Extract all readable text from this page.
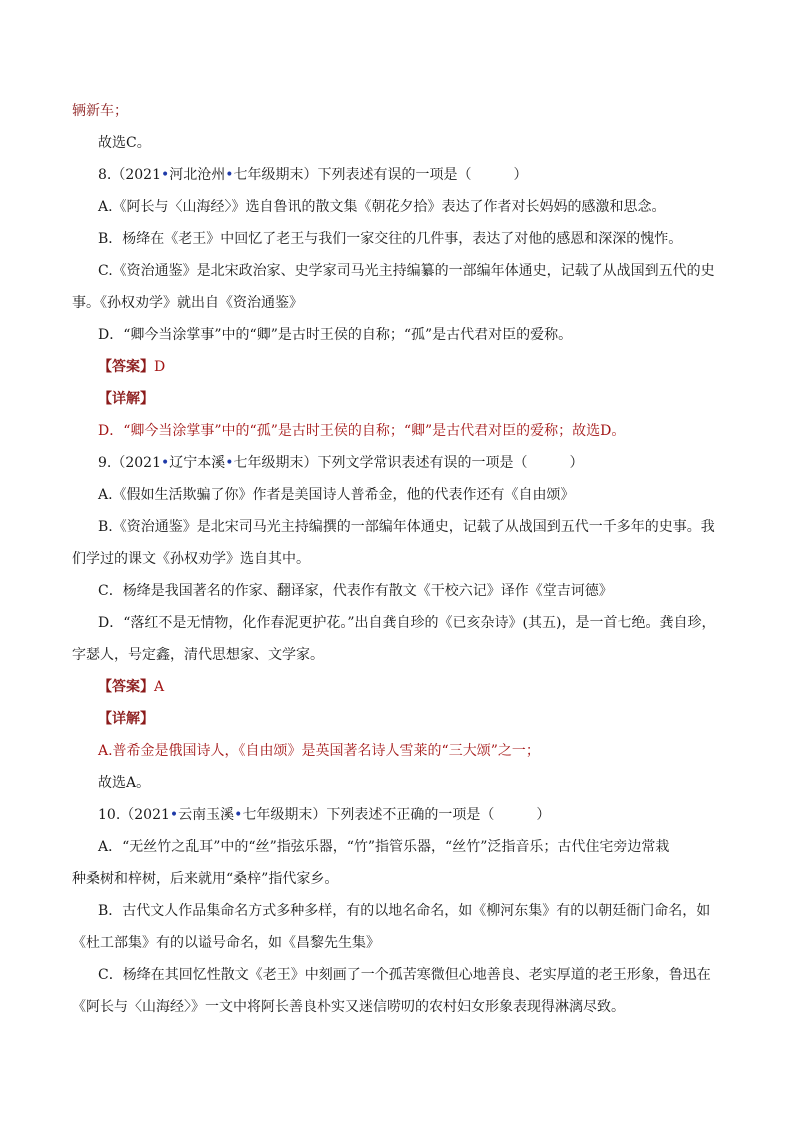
辆新车；
故选C。
8.（2021•河北沧州•七年级期末）下列表述有误的一项是（　　　）
A.《阿长与〈山海经〉》选自鲁讯的散文集《朝花夕拾》表达了作者对长妈妈的感激和思念。
B．杨绛在《老王》中回忆了老王与我们一家交往的几件事，表达了对他的感恩和深深的愧怍。
C.《资治通鉴》是北宋政治家、史学家司马光主持编纂的一部编年体通史，记载了从战国到五代的史
事。《孙权劝学》就出自《资治通鉴》
D．“卿今当涂掌事”中的“卿”是古时王侯的自称；“孤”是古代君对臣的爱称。
【答案】D
【详解】
D．“卿今当涂掌事”中的“孤”是古时王侯的自称；“卿”是古代君对臣的爱称；故选D。
9.（2021•辽宁本溪•七年级期末）下列文学常识表述有误的一项是（　　　）
A.《假如生活欺骗了你》作者是美国诗人普希金，他的代表作还有《自由颂》
B.《资治通鉴》是北宋司马光主持编撰的一部编年体通史，记载了从战国到五代一千多年的史事。我
们学过的课文《孙权劝学》选自其中。
C．杨绛是我国著名的作家、翻译家，代表作有散文《干校六记》译作《堂吉诃德》
D．“落红不是无情物，化作春泥更护花。”出自龚自珍的《已亥杂诗》(其五)，是一首七绝。龚自珍，
字瑟人，号定鑫，清代思想家、文学家。
【答案】A
【详解】
A.普希金是俄国诗人，《自由颂》是英国著名诗人雪莱的“三大颂”之一；
故选A。
10.（2021•云南玉溪•七年级期末）下列表述不正确的一项是（　　　）
A．“无丝竹之乱耳”中的“丝”指弦乐器，“竹”指管乐器，“丝竹”泛指音乐；古代住宅旁边常栽
种桑树和梓树，后来就用“桑梓”指代家乡。
B．古代文人作品集命名方式多种多样，有的以地名命名，如《柳河东集》有的以朝廷衙门命名，如
《杜工部集》有的以谥号命名，如《昌黎先生集》
C．杨绛在其回忆性散文《老王》中刻画了一个孤苦寒微但心地善良、老实厚道的老王形象，鲁迅在
《阿长与〈山海经〉》一文中将阿长善良朴实又迷信唠叨的农村妇女形象表现得淋漓尽致。
